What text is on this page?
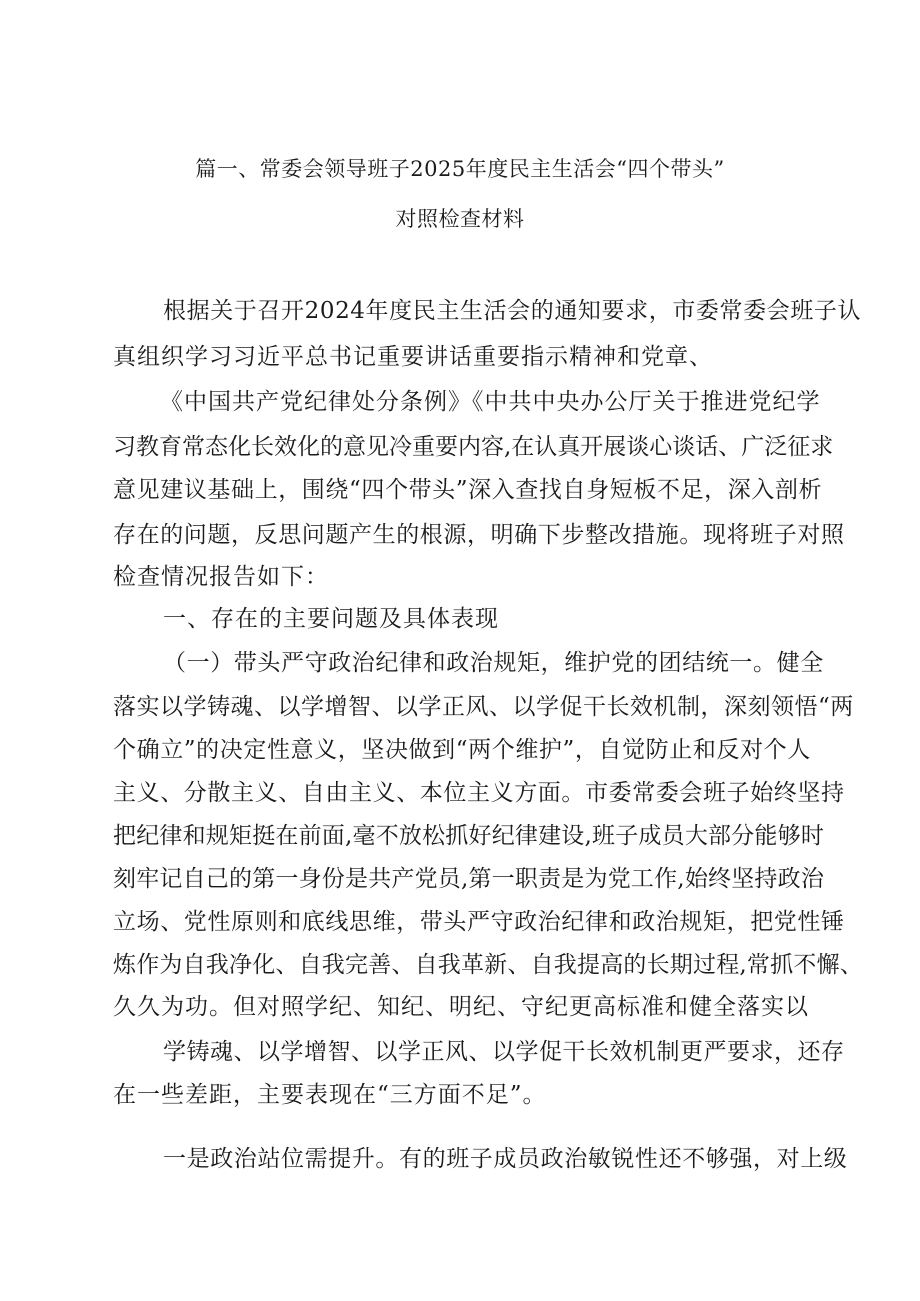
篇一、常委会领导班子2025年度民主生活会“四个带头”
对照检查材料
根据关于召开2024年度民主生活会的通知要求，市委常委会班子认
真组织学习习近平总书记重要讲话重要指示精神和党章、
《中国共产党纪律处分条例》《中共中央办公厅关于推进党纪学
习教育常态化长效化的意见冷重要内容,在认真开展谈心谈话、广泛征求
意见建议基础上，围绕“四个带头”深入查找自身短板不足，深入剖析
存在的问题，反思问题产生的根源，明确下步整改措施。现将班子对照
检查情况报告如下：
一、存在的主要问题及具体表现
（一）带头严守政治纪律和政治规矩，维护党的团结统一。健全
落实以学铸魂、以学增智、以学正风、以学促干长效机制，深刻领悟“两
个确立”的决定性意义，坚决做到“两个维护”，自觉防止和反对个人
主义、分散主义、自由主义、本位主义方面。市委常委会班子始终坚持
把纪律和规矩挺在前面,毫不放松抓好纪律建设,班子成员大部分能够时
刻牢记自己的第一身份是共产党员,第一职责是为党工作,始终坚持政治
立场、党性原则和底线思维，带头严守政治纪律和政治规矩，把党性锤
炼作为自我净化、自我完善、自我革新、自我提高的长期过程,常抓不懈、
久久为功。但对照学纪、知纪、明纪、守纪更高标准和健全落实以
学铸魂、以学增智、以学正风、以学促干长效机制更严要求，还存
在一些差距，主要表现在“三方面不足”。
一是政治站位需提升。有的班子成员政治敏锐性还不够强，对上级
